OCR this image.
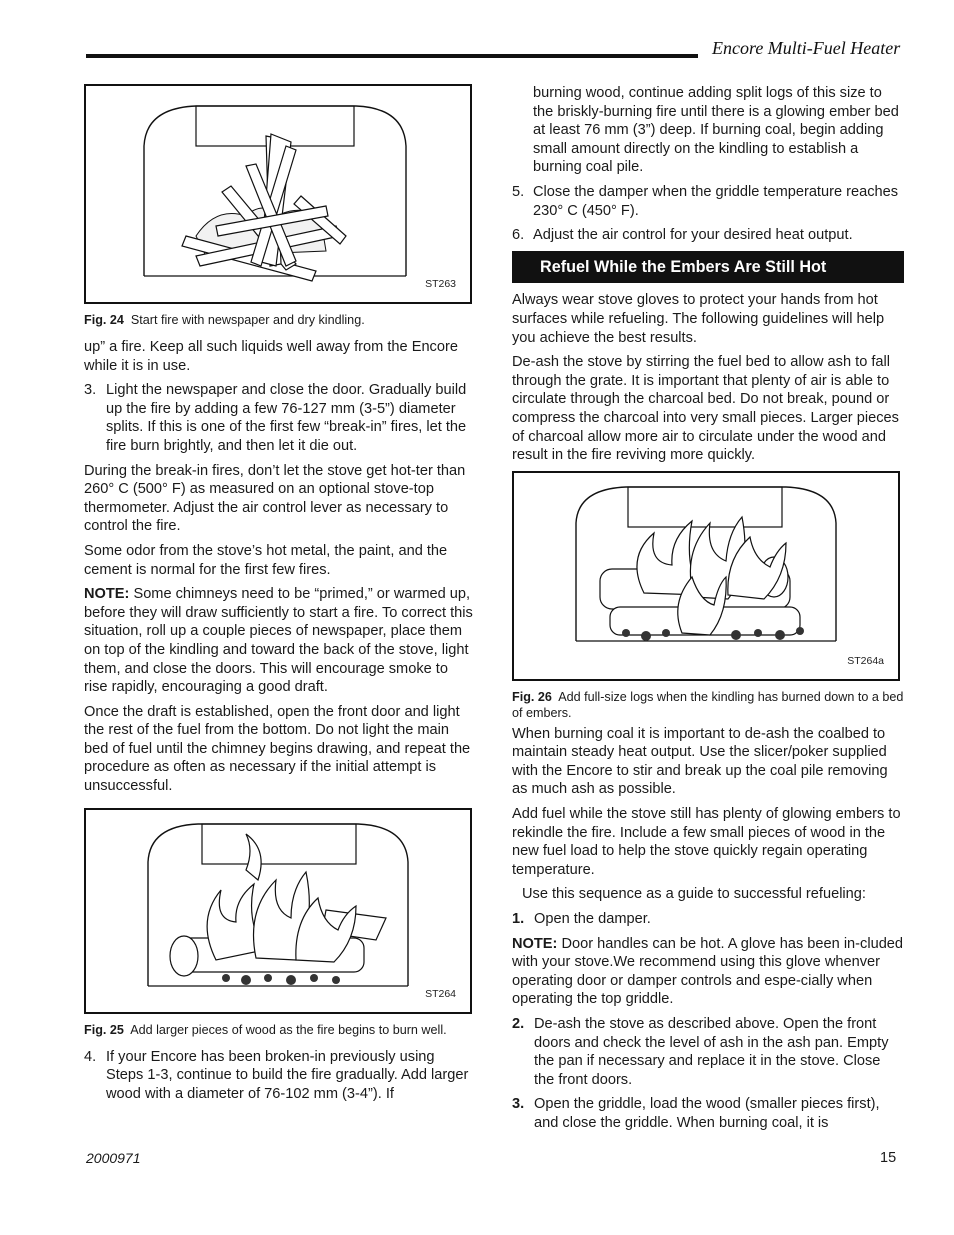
Encore Multi-Fuel Heater
ST263
Fig. 24 Start fire with newspaper and dry kindling.

up” a fire. Keep all such liquids well away from the Encore while it is in use.

3. Light the newspaper and close the door. Gradually build up the fire by adding a few 76-127 mm (3-5”) diameter splits. If this is one of the first few “break-in” fires, let the fire burn brightly, and then let it die out.

During the break-in fires, don’t let the stove get hot-ter than 260° C (500° F) as measured on an optional stove-top thermometer. Adjust the air control lever as necessary to control the fire.

Some odor from the stove’s hot metal, the paint, and the cement is normal for the first few fires.

NOTE: Some chimneys need to be “primed,” or warmed up, before they will draw sufficiently to start a fire. To correct this situation, roll up a couple pieces of newspaper, place them on top of the kindling and toward the back of the stove, light them, and close the doors. This will encourage smoke to rise rapidly, encouraging a good draft.

Once the draft is established, open the front door and light the rest of the fuel from the bottom. Do not light the main bed of fuel until the chimney begins drawing, and repeat the procedure as often as necessary if the initial attempt is unsuccessful.

ST264
Fig. 25 Add larger pieces of wood as the fire begins to burn well.
4. If your Encore has been broken-in previously using Steps 1-3, continue to build the fire gradually. Add larger wood with a diameter of 76-102 mm (3-4”). If

burning wood, continue adding split logs of this size to the briskly-burning fire until there is a glowing ember bed at least 76 mm (3”) deep. If burning coal, begin adding small amount directly on the kindling to establish a burning coal pile.

5. Close the damper when the griddle temperature reaches 230° C (450° F).
6. Adjust the air control for your desired heat output.
Refuel While the Embers Are Still Hot

Always wear stove gloves to protect your hands from hot surfaces while refueling. The following guidelines will help you achieve the best results.

De-ash the stove by stirring the fuel bed to allow ash to fall through the grate. It is important that plenty of air is able to circulate through the charcoal bed. Do not break, pound or compress the charcoal into very small pieces. Larger pieces of charcoal allow more air to circulate under the wood and result in the fire reviving more quickly.

ST264a
Fig. 26 Add full-size logs when the kindling has burned down to a bed of embers.

When burning coal it is important to de-ash the coalbed to maintain steady heat output. Use the slicer/poker supplied with the Encore to stir and break up the coal pile removing as much ash as possible.

Add fuel while the stove still has plenty of glowing embers to rekindle the fire. Include a few small pieces of wood in the new fuel load to help the stove quickly regain operating temperature.

Use this sequence as a guide to successful refueling:

1. Open the damper.

NOTE: Door handles can be hot. A glove has been in-cluded with your stove.We recommend using this glove whenver operating door or damper controls and espe-cially when operating the top griddle.

2. De-ash the stove as described above. Open the front doors and check the level of ash in the ash pan. Empty the pan if necessary and replace it in the stove. Close the front doors.
3. Open the griddle, load the wood (smaller pieces first), and close the griddle. When burning coal, it is
2000971	15
